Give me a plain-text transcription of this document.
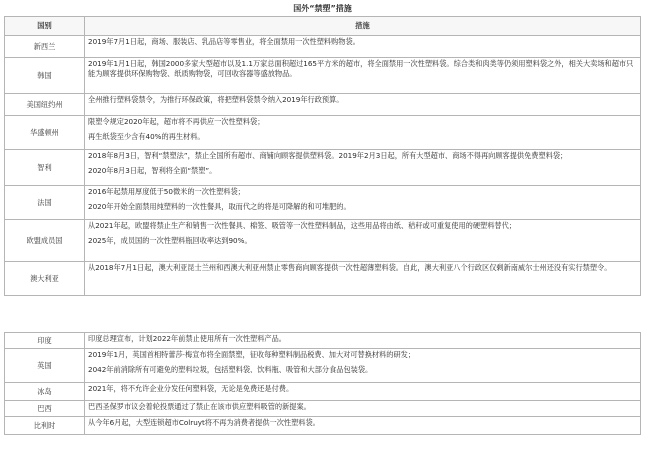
国外“禁塑”措施
国别	措施
新西兰	2019年7月1日起，商场、服装店、乳品店等零售业，将全面禁用一次性塑料购物袋。

韩国	2019年1月1日起，韩国2000多家大型超市以及1.1万家总面积超过165平方米的超市，将全面禁用一次性塑料袋。综合类和肉类等仍须用塑料袋之外，相关大卖场和超市只能为顾客提供环保购物袋、纸质购物袋，可回收容器等盛放物品。

美国纽约州	全州推行塑料袋禁令，为推行环保政策，将把塑料袋禁令纳入2019年行政预算。

华盛顿州	限塑令规定2020年起，超市将不再供应一次性塑料袋；

再生纸袋至少含有40%的再生材料。

智利	2018年8月3日，智利“禁塑法”，禁止全国所有超市、商铺向顾客提供塑料袋。2019年2月3日起，所有大型超市、商场不得再向顾客提供免费塑料袋；

2020年8月3日起，智利将全面“禁塑”。

法国	2016年起禁用厚度低于50微米的一次性塑料袋；

2020年开始全面禁用纯塑料的一次性餐具，取而代之的将是可降解的和可堆肥的。

欧盟成员国	从2021年起，欧盟将禁止生产和销售一次性餐具、棉签、吸管等一次性塑料制品，这些用品将由纸、秸秆或可重复使用的硬塑料替代；

2025年，成员国的一次性塑料瓶回收率达到90%。

澳大利亚	从2018年7月1日起，澳大利亚昆士兰州和西澳大利亚州禁止零售商向顾客提供一次性超薄塑料袋。自此，澳大利亚八个行政区仅剩新南威尔士州还没有实行禁塑令。

印度	印度总理宣布，计划2022年前禁止使用所有一次性塑料产品。

英国	2019年1月，英国首相特蕾莎·梅宣布将全面禁塑，征收每种塑料制品税费、加大对可替换材料的研发；

2042年前消除所有可避免的塑料垃圾，包括塑料袋、饮料瓶、吸管和大部分食品包装袋。

冰岛	2021年，将不允许企业分发任何塑料袋，无论是免费还是付费。

巴西	巴西圣保罗市议会着轮投票通过了禁止在该市供应塑料吸管的新提案。

比利时	从今年6月起，大型连锁超市Colruyt将不再为消费者提供一次性塑料袋。
